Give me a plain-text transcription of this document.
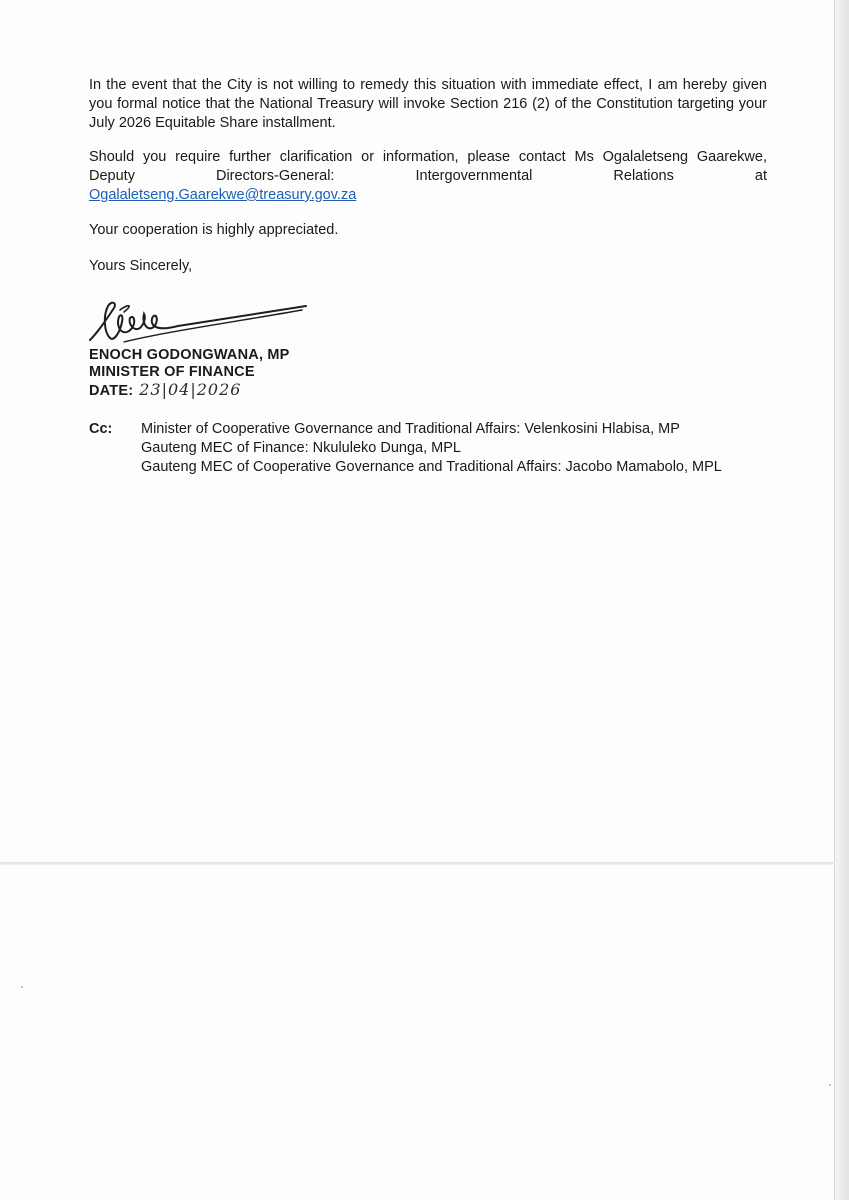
In the event that the City is not willing to remedy this situation with immediate effect, I am hereby given you formal notice that the National Treasury will invoke Section 216 (2) of the Constitution targeting your July 2026 Equitable Share installment.
Should you require further clarification or information, please contact Ms Ogalaletseng Gaarekwe,
Deputy Directors-General: Intergovernmental Relations at
Ogalaletseng.Gaarekwe@treasury.gov.za
Your cooperation is highly appreciated.
Yours Sincerely,
ENOCH GODONGWANA, MP
MINISTER OF FINANCE
DATE: 23|04|2026
Cc:	Minister of Cooperative Governance and Traditional Affairs: Velenkosini Hlabisa, MP
Gauteng MEC of Finance: Nkululeko Dunga, MPL
Gauteng MEC of Cooperative Governance and Traditional Affairs: Jacobo Mamabolo, MPL
